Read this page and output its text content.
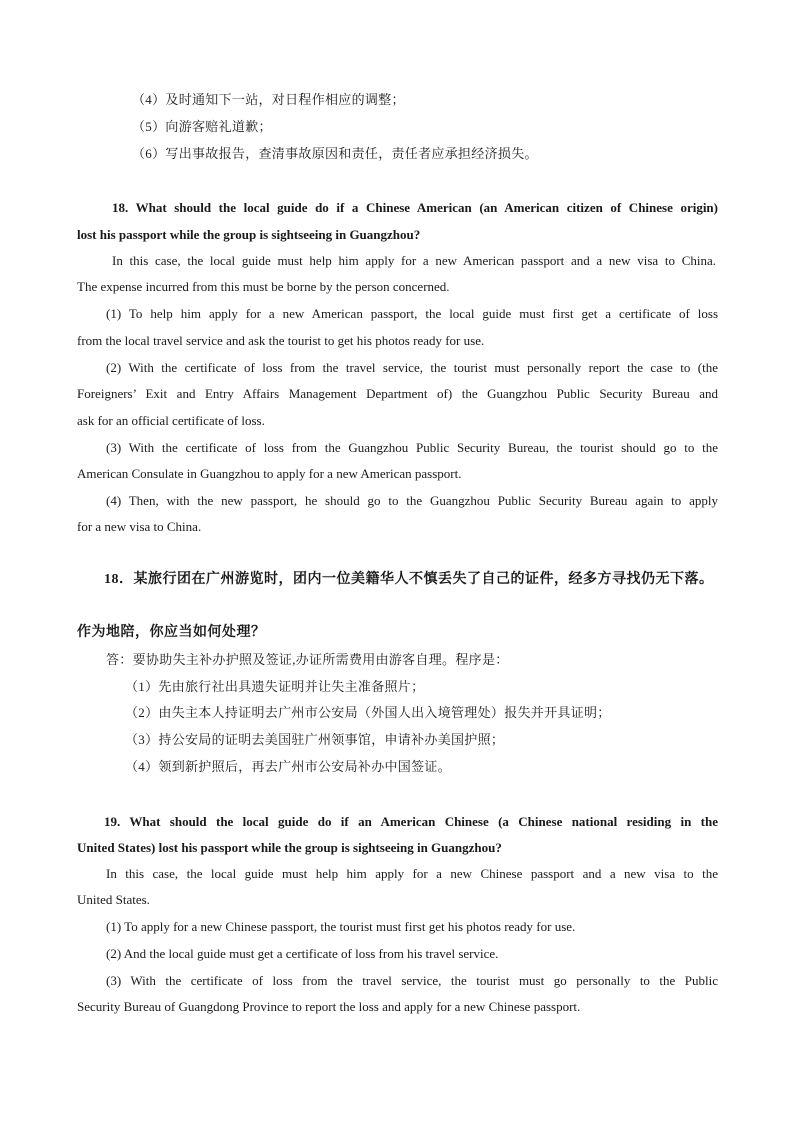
（4）及时通知下一站，对日程作相应的调整；
（5）向游客赔礼道歉；
（6）写出事故报告，查清事故原因和责任，责任者应承担经济损失。
18. What should the local guide do if a Chinese American (an American citizen of Chinese origin)
lost his passport while the group is sightseeing in Guangzhou?
In this case, the local guide must help him apply for a new American passport and a new visa to China.
The expense incurred from this must be borne by the person concerned.
(1) To help him apply for a new American passport, the local guide must first get a certificate of loss
from the local travel service and ask the tourist to get his photos ready for use.
(2) With the certificate of loss from the travel service, the tourist must personally report the case to (the
Foreigners’ Exit and Entry Affairs Management Department of) the Guangzhou Public Security Bureau and
ask for an official certificate of loss.
(3) With the certificate of loss from the Guangzhou Public Security Bureau, the tourist should go to the
American Consulate in Guangzhou to apply for a new American passport.
(4) Then, with the new passport, he should go to the Guangzhou Public Security Bureau again to apply
for a new visa to China.
18．某旅行团在广州游览时，团内一位美籍华人不慎丢失了自己的证件，经多方寻找仍无下落。
作为地陪，你应当如何处理？
答：要协助失主补办护照及签证,办证所需费用由游客自理。程序是：
（1）先由旅行社出具遗失证明并让失主准备照片；
（2）由失主本人持证明去广州市公安局（外国人出入境管理处）报失并开具证明；
（3）持公安局的证明去美国驻广州领事馆，申请补办美国护照；
（4）领到新护照后，再去广州市公安局补办中国签证。
19. What should the local guide do if an American Chinese (a Chinese national residing in the
United States) lost his passport while the group is sightseeing in Guangzhou?
In this case, the local guide must help him apply for a new Chinese passport and a new visa to the
United States.
(1) To apply for a new Chinese passport, the tourist must first get his photos ready for use.
(2) And the local guide must get a certificate of loss from his travel service.
(3) With the certificate of loss from the travel service, the tourist must go personally to the Public
Security Bureau of Guangdong Province to report the loss and apply for a new Chinese passport.
